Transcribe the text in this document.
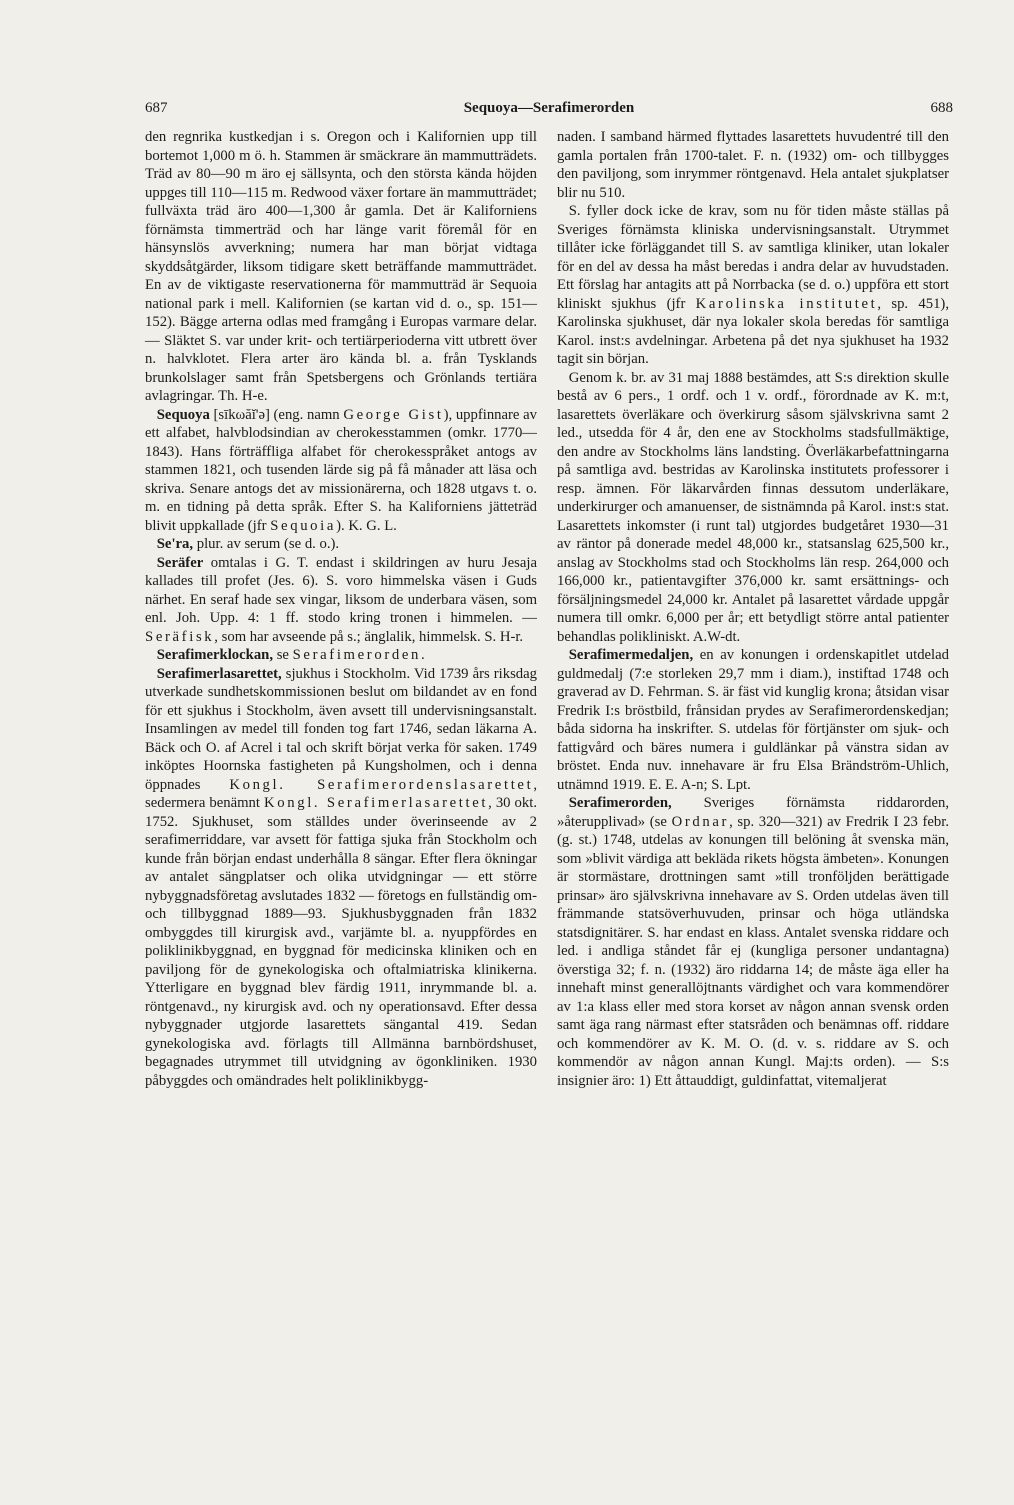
687	Sequoya—Serafimerorden	688

den regnrika kustkedjan i s. Oregon och i Kalifornien upp till bortemot 1,000 m ö. h. Stammen är smäckrare än mammutträdets. Träd av 80—90 m äro ej sällsynta, och den största kända höjden uppges till 110—115 m. Redwood växer fortare än mammutträdet; fullväxta träd äro 400—1,300 år gamla. Det är Kaliforniens förnämsta timmerträd och har länge varit föremål för en hänsynslös avverkning; numera har man börjat vidtaga skyddsåtgärder, liksom tidigare skett beträffande mammutträdet. En av de viktigaste reservationerna för mammutträd är Sequoia national park i mell. Kalifornien (se kartan vid d. o., sp. 151—152). Bägge arterna odlas med framgång i Europas varmare delar. — Släktet S. var under krit- och tertiärperioderna vitt utbrett över n. halvklotet. Flera arter äro kända bl. a. från Tysklands brunkolslager samt från Spetsbergens och Grönlands tertiära avlagringar. Th. H-e.

Sequoya [sīkωăĭ'ə] (eng. namn George Gist), uppfinnare av ett alfabet, halvblodsindian av cherokesstammen (omkr. 1770—1843). Hans förträffliga alfabet för cherokesspråket antogs av stammen 1821, och tusenden lärde sig på få månader att läsa och skriva. Senare antogs det av missionärerna, och 1828 utgavs t. o. m. en tidning på detta språk. Efter S. ha Kaliforniens jätteträd blivit uppkallade (jfr Sequoia). K. G. L.

Se'ra, plur. av serum (se d. o.).

Seräfer omtalas i G. T. endast i skildringen av huru Jesaja kallades till profet (Jes. 6). S. voro himmelska väsen i Guds närhet. En seraf hade sex vingar, liksom de underbara väsen, som enl. Joh. Upp. 4: 1 ff. stodo kring tronen i himmelen. — Seräfisk, som har avseende på s.; änglalik, himmelsk. S. H-r.

Serafimerklockan, se Serafimerorden.

Serafimerlasarettet, sjukhus i Stockholm. Vid 1739 års riksdag utverkade sundhetskommissionen beslut om bildandet av en fond för ett sjukhus i Stockholm, även avsett till undervisningsanstalt. Insamlingen av medel till fonden tog fart 1746, sedan läkarna A. Bäck och O. af Acrel i tal och skrift börjat verka för saken. 1749 inköptes Hoornska fastigheten på Kungsholmen, och i denna öppnades Kongl. Serafimerordenslasarettet, sedermera benämnt Kongl. Serafimerlasarettet, 30 okt. 1752. Sjukhuset, som ställdes under överinseende av 2 serafimerriddare, var avsett för fattiga sjuka från Stockholm och kunde från början endast underhålla 8 sängar. Efter flera ökningar av antalet sängplatser och olika utvidgningar — ett större nybyggnadsföretag avslutades 1832 — företogs en fullständig om- och tillbyggnad 1889—93. Sjukhusbyggnaden från 1832 ombyggdes till kirurgisk avd., varjämte bl. a. nyuppfördes en poliklinikbyggnad, en byggnad för medicinska kliniken och en paviljong för de gynekologiska och oftalmiatriska klinikerna. Ytterligare en byggnad blev färdig 1911, inrymmande bl. a. röntgenavd., ny kirurgisk avd. och ny operationsavd. Efter dessa nybyggnader utgjorde lasarettets sängantal 419. Sedan gynekologiska avd. förlagts till Allmänna barnbördshuset, begagnades utrymmet till utvidgning av ögonkliniken. 1930 påbyggdes och omändrades helt poliklinikbygg-

naden. I samband härmed flyttades lasarettets huvudentré till den gamla portalen från 1700-talet. F. n. (1932) om- och tillbygges den paviljong, som inrymmer röntgenavd. Hela antalet sjukplatser blir nu 510.

S. fyller dock icke de krav, som nu för tiden måste ställas på Sveriges förnämsta kliniska undervisningsanstalt. Utrymmet tillåter icke förläggandet till S. av samtliga kliniker, utan lokaler för en del av dessa ha måst beredas i andra delar av huvudstaden. Ett förslag har antagits att på Norrbacka (se d. o.) uppföra ett stort kliniskt sjukhus (jfr Karolinska institutet, sp. 451), Karolinska sjukhuset, där nya lokaler skola beredas för samtliga Karol. inst:s avdelningar. Arbetena på det nya sjukhuset ha 1932 tagit sin början.

Genom k. br. av 31 maj 1888 bestämdes, att S:s direktion skulle bestå av 6 pers., 1 ordf. och 1 v. ordf., förordnade av K. m:t, lasarettets överläkare och överkirurg såsom självskrivna samt 2 led., utsedda för 4 år, den ene av Stockholms stadsfullmäktige, den andre av Stockholms läns landsting. Överläkarbefattningarna på samtliga avd. bestridas av Karolinska institutets professorer i resp. ämnen. För läkarvården finnas dessutom underläkare, underkirurger och amanuenser, de sistnämnda på Karol. inst:s stat. Lasarettets inkomster (i runt tal) utgjordes budgetåret 1930—31 av räntor på donerade medel 48,000 kr., statsanslag 625,500 kr., anslag av Stockholms stad och Stockholms län resp. 264,000 och 166,000 kr., patientavgifter 376,000 kr. samt ersättnings- och försäljningsmedel 24,000 kr. Antalet på lasarettet vårdade uppgår numera till omkr. 6,000 per år; ett betydligt större antal patienter behandlas polikliniskt. A.W-dt.

Serafimermedaljen, en av konungen i ordenskapitlet utdelad guldmedalj (7:e storleken 29,7 mm i diam.), instiftad 1748 och graverad av D. Fehrman. S. är fäst vid kunglig krona; åtsidan visar Fredrik I:s bröstbild, frånsidan prydes av Serafimerordenskedjan; båda sidorna ha inskrifter. S. utdelas för förtjänster om sjuk- och fattigvård och bäres numera i guldlänkar på vänstra sidan av bröstet. Enda nuv. innehavare är fru Elsa Brändström-Uhlich, utnämnd 1919. E. E. A-n; S. Lpt.

Serafimerorden, Sveriges förnämsta riddarorden, »återupplivad» (se Ordnar, sp. 320—321) av Fredrik I 23 febr. (g. st.) 1748, utdelas av konungen till belöning åt svenska män, som »blivit värdiga att bekläda rikets högsta ämbeten». Konungen är stormästare, drottningen samt »till tronföljden berättigade prinsar» äro självskrivna innehavare av S. Orden utdelas även till främmande statsöverhuvuden, prinsar och höga utländska statsdignitärer. S. har endast en klass. Antalet svenska riddare och led. i andliga ståndet får ej (kungliga personer undantagna) överstiga 32; f. n. (1932) äro riddarna 14; de måste äga eller ha innehaft minst generallöjtnants värdighet och vara kommendörer av 1:a klass eller med stora korset av någon annan svensk orden samt äga rang närmast efter statsråden och benämnas off. riddare och kommendörer av K. M. O. (d. v. s. riddare av S. och kommendör av någon annan Kungl. Maj:ts orden). — S:s insignier äro: 1) Ett åttauddigt, guldinfattat, vitemaljerat
